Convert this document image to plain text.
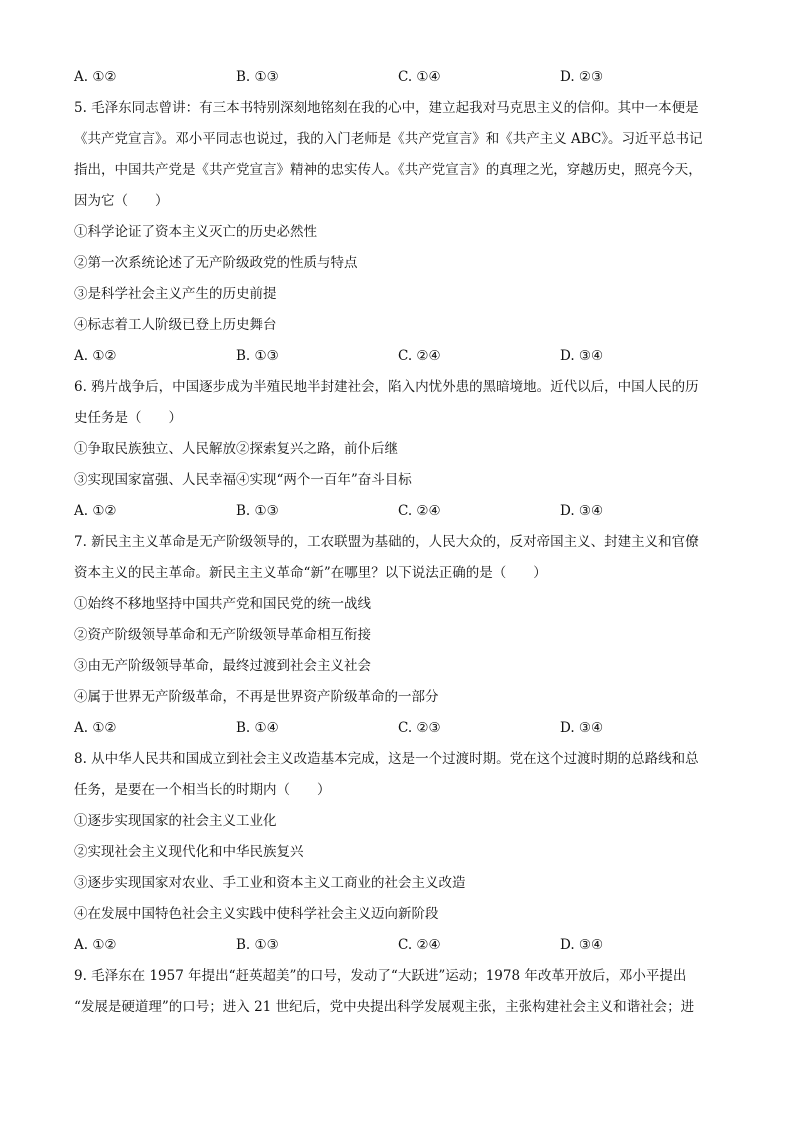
A. ①②	B. ①③	C. ①④	D. ②③
5. 毛泽东同志曾讲：有三本书特别深刻地铭刻在我的心中，建立起我对马克思主义的信仰。其中一本便是
《共产党宣言》。邓小平同志也说过，我的入门老师是《共产党宣言》和《共产主义 ABC》。习近平总书记
指出，中国共产党是《共产党宣言》精神的忠实传人。《共产党宣言》的真理之光，穿越历史，照亮今天，
因为它（　　）
①科学论证了资本主义灭亡的历史必然性
②第一次系统论述了无产阶级政党的性质与特点
③是科学社会主义产生的历史前提
④标志着工人阶级已登上历史舞台
A. ①②	B. ①③	C. ②④	D. ③④
6. 鸦片战争后，中国逐步成为半殖民地半封建社会，陷入内忧外患的黑暗境地。近代以后，中国人民的历
史任务是（　　）
①争取民族独立、人民解放②探索复兴之路，前仆后继
③实现国家富强、人民幸福④实现“两个一百年”奋斗目标
A. ①②	B. ①③	C. ②④	D. ③④
7. 新民主主义革命是无产阶级领导的，工农联盟为基础的，人民大众的，反对帝国主义、封建主义和官僚
资本主义的民主革命。新民主主义革命“新”在哪里？以下说法正确的是（　　）
①始终不移地坚持中国共产党和国民党的统一战线
②资产阶级领导革命和无产阶级领导革命相互衔接
③由无产阶级领导革命，最终过渡到社会主义社会
④属于世界无产阶级革命，不再是世界资产阶级革命的一部分
A. ①②	B. ①④	C. ②③	D. ③④
8. 从中华人民共和国成立到社会主义改造基本完成，这是一个过渡时期。党在这个过渡时期的总路线和总
任务，是要在一个相当长的时期内（　　）
①逐步实现国家的社会主义工业化
②实现社会主义现代化和中华民族复兴
③逐步实现国家对农业、手工业和资本主义工商业的社会主义改造
④在发展中国特色社会主义实践中使科学社会主义迈向新阶段
A. ①②	B. ①③	C. ②④	D. ③④
9. 毛泽东在 1957 年提出“赶英超美”的口号，发动了“大跃进”运动；1978 年改革开放后，邓小平提出
“发展是硬道理”的口号；进入 21 世纪后，党中央提出科学发展观主张，主张构建社会主义和谐社会；进
